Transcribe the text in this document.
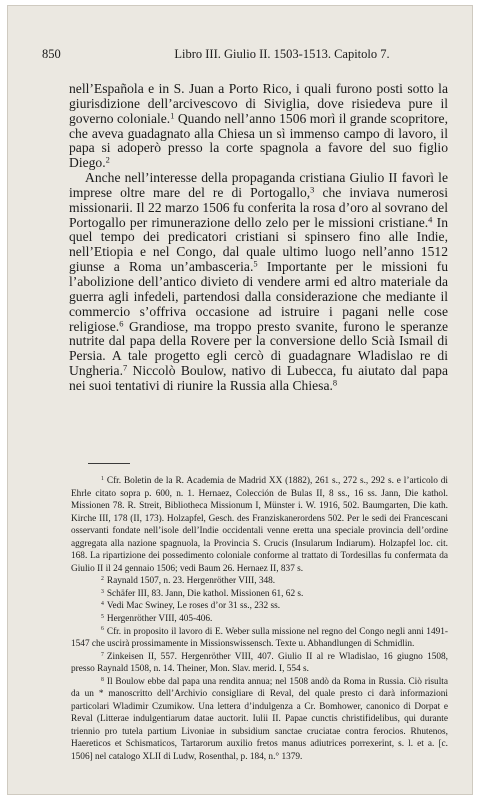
850	Libro III. Giulio II. 1503-1513. Capitolo 7.

nell’Española e in S. Juan a Porto Rico, i quali furono posti sotto la giurisdizione dell’arcivescovo di Siviglia, dove risiedeva pure il governo coloniale.$^1$ Quando nell’anno 1506 morì il grande scopritore, che aveva guadagnato alla Chiesa un sì immenso campo di lavoro, il papa si adoperò presso la corte spagnola a favore del suo figlio Diego.$^2$

Anche nell’interesse della propaganda cristiana Giulio II favorì le imprese oltre mare del re di Portogallo,$^3$ che inviava numerosi missionarii. Il 22 marzo 1506 fu conferita la rosa d’oro al sovrano del Portogallo per rimunerazione dello zelo per le missioni cristiane.$^4$ In quel tempo dei predicatori cristiani si spinsero fino alle Indie, nell’Etiopia e nel Congo, dal quale ultimo luogo nell’anno 1512 giunse a Roma un’ambasceria.$^5$ Importante per le missioni fu l’abolizione dell’antico divieto di vendere armi ed altro materiale da guerra agli infedeli, partendosi dalla considerazione che mediante il commercio s’offriva occasione ad istruire i pagani nelle cose religiose.$^6$ Grandiose, ma troppo presto svanite, furono le speranze nutrite dal papa della Rovere per la conversione dello Scià Ismail di Persia. A tale progetto egli cercò di guadagnare Wladislao re di Ungheria.$^7$ Niccolò Boulow, nativo di Lubecca, fu aiutato dal papa nei suoi tentativi di riunire la Russia alla Chiesa.$^8$

1 Cfr. Boletin de la R. Academia de Madrid XX (1882), 261 s., 272 s., 292 s. e l’articolo di Ehrle citato sopra p. 600, n. 1. Hernaez, Colección de Bulas II, 8 ss., 16 ss. Jann, Die kathol. Missionen 78. R. Streit, Bibliotheca Missionum I, Münster i. W. 1916, 502. Baumgarten, Die kath. Kirche III, 178 (II, 173). Holzapfel, Gesch. des Franziskanerordens 502. Per le sedi dei Francescani osservanti fondate nell’isole dell’Indie occidentali venne eretta una speciale provincia dell’ordine aggregata alla nazione spagnuola, la Provincia S. Crucis (Insularum Indiarum). Holzapfel loc. cit. 168. La ripartizione dei possedimento coloniale conforme al trattato di Tordesillas fu confermata da Giulio II il 24 gennaio 1506; vedi Baum 26. Hernaez II, 837 s.

2 Raynald 1507, n. 23. Hergenröther VIII, 348.

3 Schäfer III, 83. Jann, Die kathol. Missionen 61, 62 s.

4 Vedi Mac Swiney, Le roses d’or 31 ss., 232 ss.

5 Hergenröther VIII, 405-406.

6 Cfr. in proposito il lavoro di E. Weber sulla missione nel regno del Congo negli anni 1491-1547 che uscirà prossimamente in Missionswissensch. Texte u. Abhandlungen di Schmidlin.

7 Zinkeisen II, 557. Hergenröther VIII, 407. Giulio II al re Wladislao, 16 giugno 1508, presso Raynald 1508, n. 14. Theiner, Mon. Slav. merid. I, 554 s.

8 Il Boulow ebbe dal papa una rendita annua; nel 1508 andò da Roma in Russia. Ciò risulta da un * manoscritto dell’Archivio consigliare di Reval, del quale presto ci darà informazioni particolari Wladimir Czumikow. Una lettera d’indulgenza a Cr. Bomhower, canonico di Dorpat e Reval (Litterae indulgentiarum datae auctorit. Iulii II. Papae cunctis christifidelibus, qui durante triennio pro tutela partium Livoniae in subsidium sanctae cruciatae contra ferocios. Rhutenos, Haereticos et Schismaticos, Tartarorum auxilio fretos manus adiutrices porrexerint, s. l. et a. [c. 1506] nel catalogo XLII di Ludw, Rosenthal, p. 184, n.° 1379.
